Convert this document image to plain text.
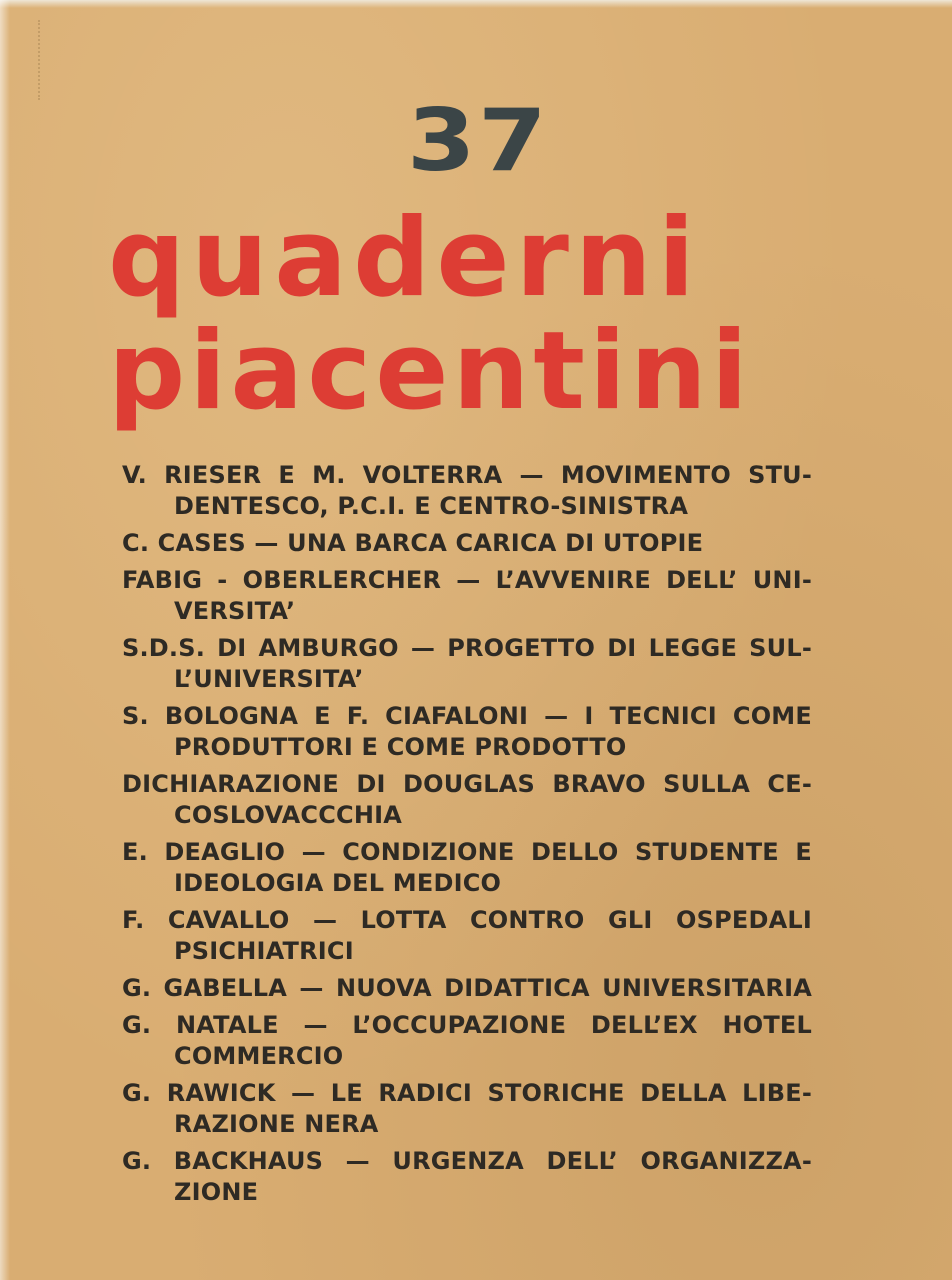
37
quaderni
piacentini
V. RIESER E M. VOLTERRA — MOVIMENTO STU-
DENTESCO, P.C.I. E CENTRO-SINISTRA
C. CASES — UNA BARCA CARICA DI UTOPIE
FABIG - OBERLERCHER — L’AVVENIRE DELL’ UNI-
VERSITA’
S.D.S. DI AMBURGO — PROGETTO DI LEGGE SUL-
L’UNIVERSITA’
S. BOLOGNA E F. CIAFALONI — I TECNICI COME
PRODUTTORI E COME PRODOTTO
DICHIARAZIONE DI DOUGLAS BRAVO SULLA CE-
COSLOVACCCHIA
E. DEAGLIO — CONDIZIONE DELLO STUDENTE E
IDEOLOGIA DEL MEDICO
F. CAVALLO — LOTTA CONTRO GLI OSPEDALI
PSICHIATRICI
G. GABELLA — NUOVA DIDATTICA UNIVERSITARIA
G. NATALE — L’OCCUPAZIONE DELL’EX HOTEL
COMMERCIO
G. RAWICK — LE RADICI STORICHE DELLA LIBE-
RAZIONE NERA
G. BACKHAUS — URGENZA DELL’ ORGANIZZA-
ZIONE
